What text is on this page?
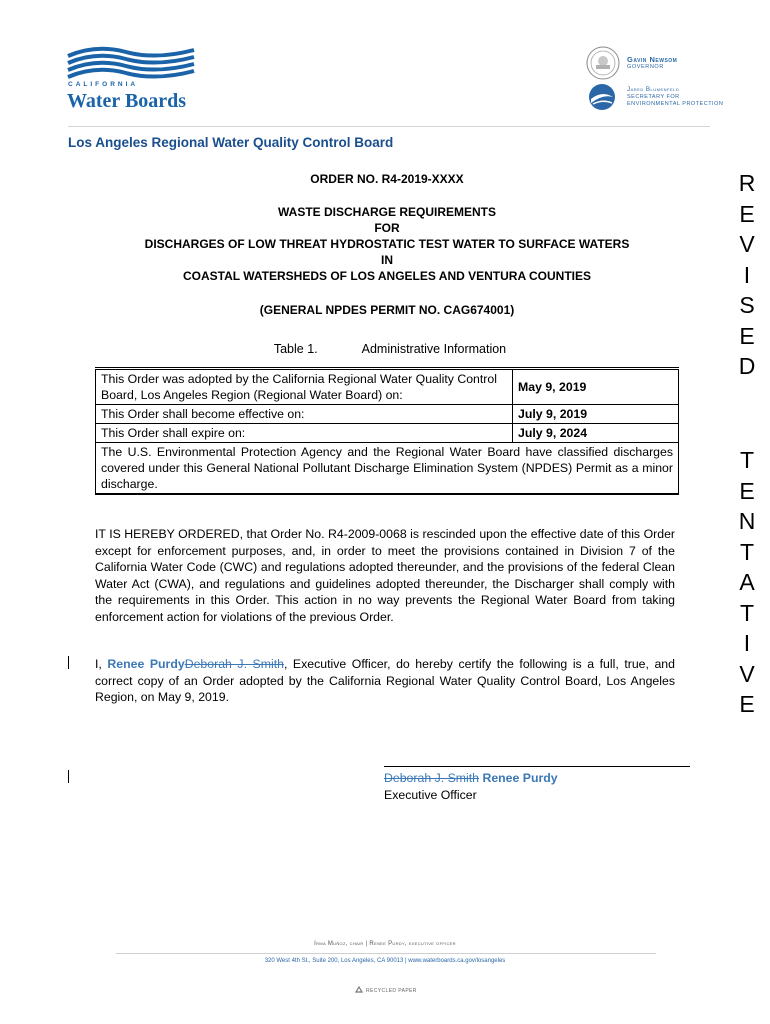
CALIFORNIA
Water Boards
Gavin Newsom
GOVERNOR
Jared Blumenfeld
SECRETARY FOR
ENVIRONMENTAL PROTECTION
Los Angeles Regional Water Quality Control Board
ORDER NO. R4-2019-XXXX
WASTE DISCHARGE REQUIREMENTS
FOR
DISCHARGES OF LOW THREAT HYDROSTATIC TEST WATER TO SURFACE WATERS
IN
COASTAL WATERSHEDS OF LOS ANGELES AND VENTURA COUNTIES
(GENERAL NPDES PERMIT NO. CAG674001)
Table 1.	Administrative Information
This Order was adopted by the California Regional Water Quality Control Board, Los Angeles Region (Regional Water Board) on:	May 9, 2019
This Order shall become effective on:	July 9, 2019
This Order shall expire on:	July 9, 2024
The U.S. Environmental Protection Agency and the Regional Water Board have classified discharges covered under this General National Pollutant Discharge Elimination System (NPDES) Permit as a minor discharge.	
IT IS HEREBY ORDERED, that Order No. R4-2009-0068 is rescinded upon the effective date of this Order except for enforcement purposes, and, in order to meet the provisions contained in Division 7 of the California Water Code (CWC) and regulations adopted thereunder, and the provisions of the federal Clean Water Act (CWA), and regulations and guidelines adopted thereunder, the Discharger shall comply with the requirements in this Order. This action in no way prevents the Regional Water Board from taking enforcement action for violations of the previous Order.
I, Renee PurdyDeborah J. Smith, Executive Officer, do hereby certify the following is a full, true, and correct copy of an Order adopted by the California Regional Water Quality Control Board, Los Angeles Region, on May 9, 2019.
Deborah J. Smith Renee Purdy
Executive Officer
R
E
V
I
S
E
D
T
E
N
T
A
T
I
V
E
Irma Muñoz, chair | Renee Purdy, executive officer
320 West 4th St., Suite 200, Los Angeles, CA 90013 | www.waterboards.ca.gov/losangeles
RECYCLED PAPER
